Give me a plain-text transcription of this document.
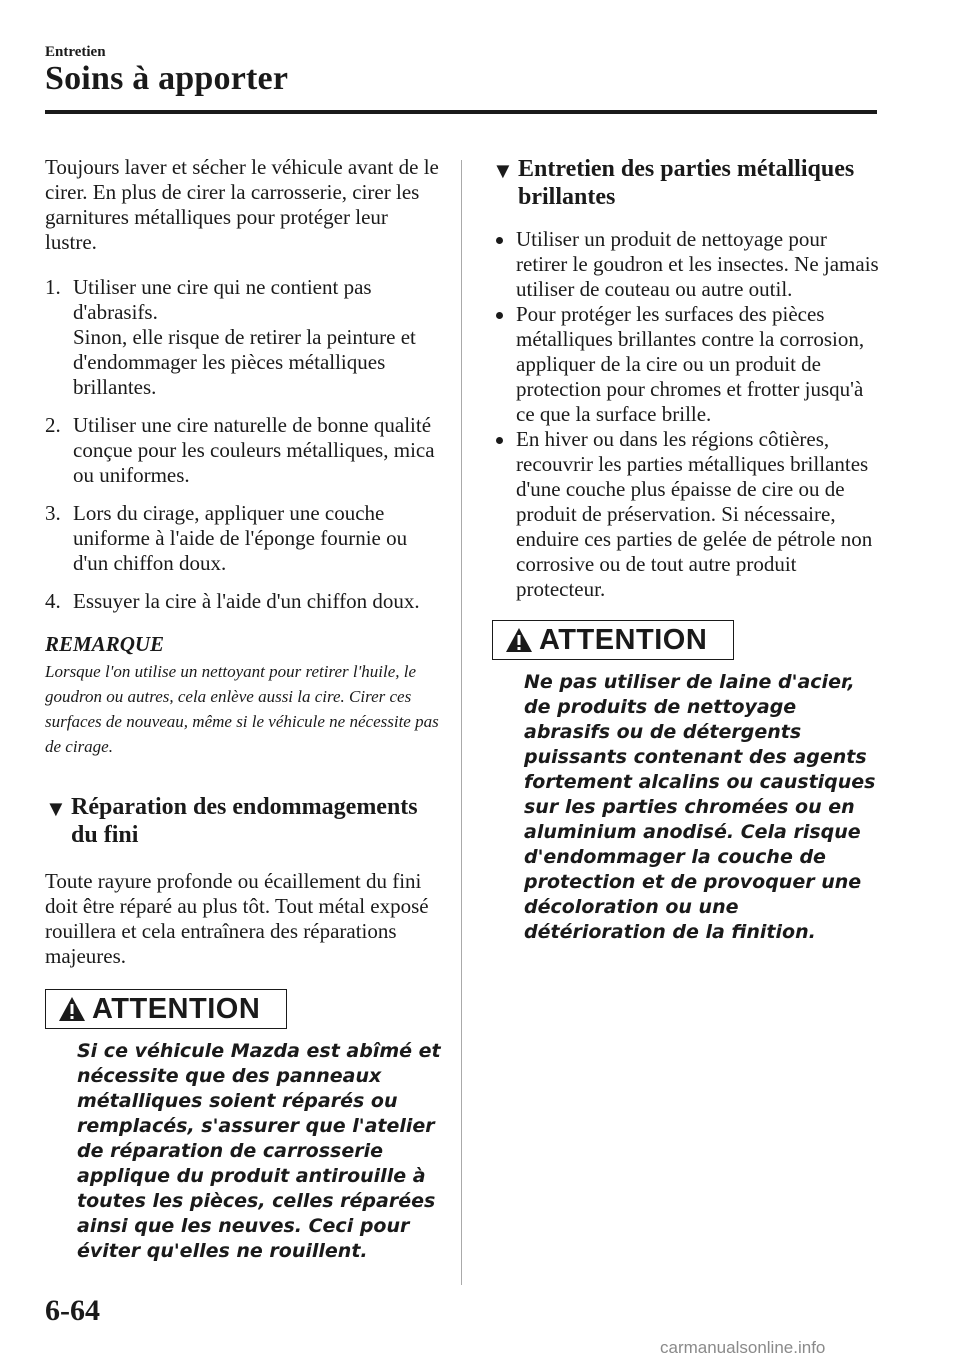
Entretien
Soins à apporter

Toujours laver et sécher le véhicule avant de le cirer. En plus de cirer la carrosserie, cirer les garnitures métalliques pour protéger leur lustre.

1. Utiliser une cire qui ne contient pas d'abrasifs.
Sinon, elle risque de retirer la peinture et d'endommager les pièces métalliques brillantes.
2. Utiliser une cire naturelle de bonne qualité conçue pour les couleurs métalliques, mica ou uniformes.
3. Lors du cirage, appliquer une couche uniforme à l'aide de l'éponge fournie ou d'un chiffon doux.
4. Essuyer la cire à l'aide d'un chiffon doux.
REMARQUE

Lorsque l'on utilise un nettoyant pour retirer l'huile, le goudron ou autres, cela enlève aussi la cire. Cirer ces surfaces de nouveau, même si le véhicule ne nécessite pas de cirage.

▼ Réparation des endommagements du fini

Toute rayure profonde ou écaillement du fini doit être réparé au plus tôt. Tout métal exposé rouillera et cela entraînera des réparations majeures.

ATTENTION

Si ce véhicule Mazda est abîmé et nécessite que des panneaux métalliques soient réparés ou remplacés, s'assurer que l'atelier de réparation de carrosserie applique du produit antirouille à toutes les pièces, celles réparées ainsi que les neuves. Ceci pour éviter qu'elles ne rouillent.

▼ Entretien des parties métalliques brillantes
Utiliser un produit de nettoyage pour retirer le goudron et les insectes. Ne jamais utiliser de couteau ou autre outil.
Pour protéger les surfaces des pièces métalliques brillantes contre la corrosion, appliquer de la cire ou un produit de protection pour chromes et frotter jusqu'à ce que la surface brille.
En hiver ou dans les régions côtières, recouvrir les parties métalliques brillantes d'une couche plus épaisse de cire ou de produit de préservation. Si nécessaire, enduire ces parties de gelée de pétrole non corrosive ou de tout autre produit protecteur.
ATTENTION

Ne pas utiliser de laine d'acier, de produits de nettoyage abrasifs ou de détergents puissants contenant des agents fortement alcalins ou caustiques sur les parties chromées ou en aluminium anodisé. Cela risque d'endommager la couche de protection et de provoquer une décoloration ou une détérioration de la finition.

6-64
carmanualsonline.info
